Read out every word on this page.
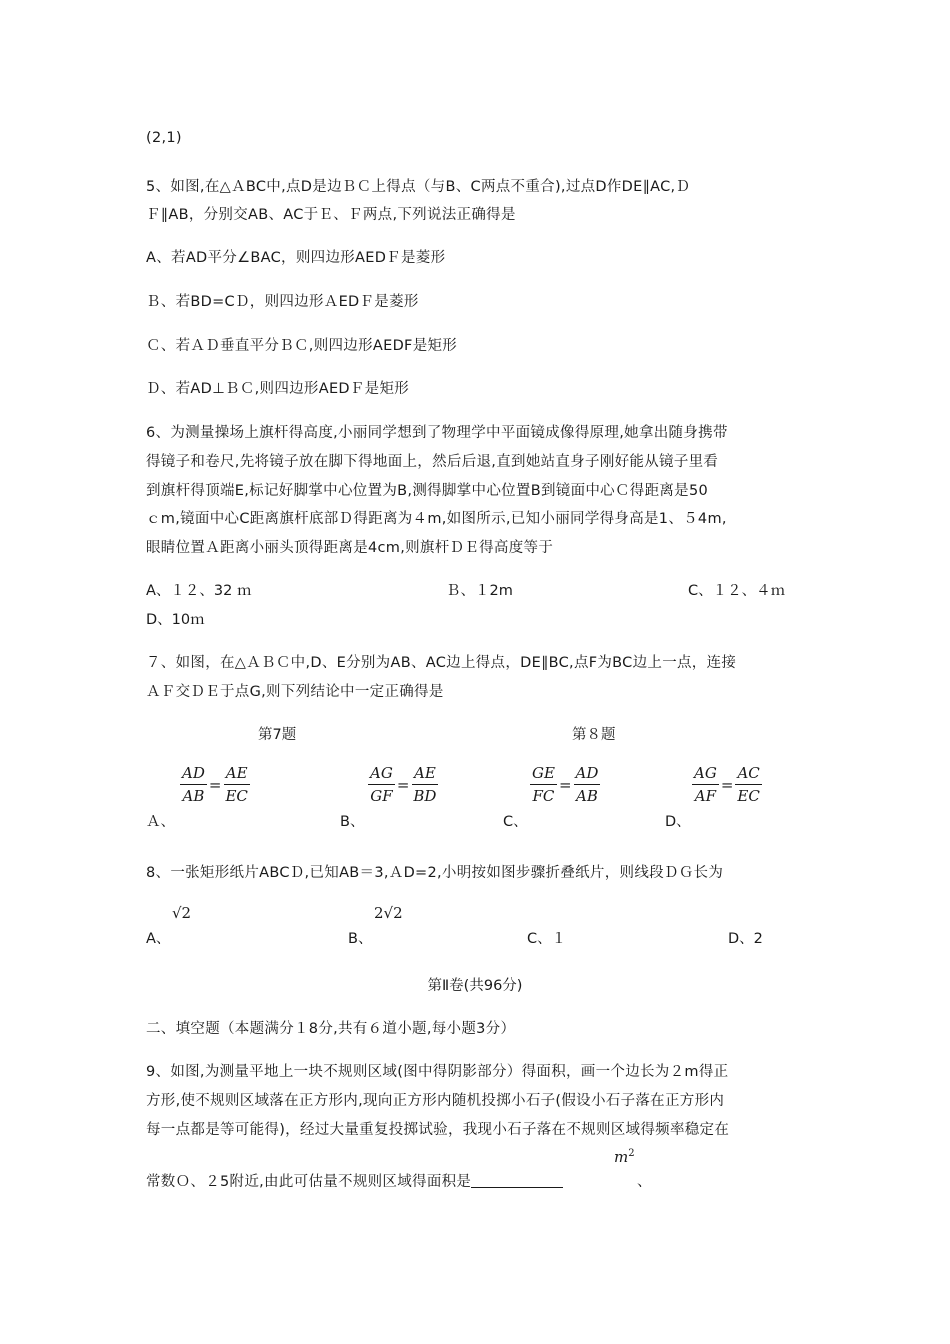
(2,1)
5、如图,在△ＡBC中,点D是边ＢＣ上得点（与B、C两点不重合),过点D作DE∥AC,Ｄ
Ｆ∥AB，分别交AB、AC于Ｅ、Ｆ两点,下列说法正确得是
A、若AD平分∠BAC，则四边形AEDＦ是菱形
Ｂ、若BD=CＤ，则四边形ＡEDＦ是菱形
Ｃ、若ＡＤ垂直平分ＢＣ,则四边形AEDF是矩形
Ｄ、若AD⊥ＢＣ,则四边形AEDＦ是矩形
6、为测量操场上旗杆得高度,小丽同学想到了物理学中平面镜成像得原理,她拿出随身携带
得镜子和卷尺,先将镜子放在脚下得地面上，然后后退,直到她站直身子刚好能从镜子里看
到旗杆得顶端E,标记好脚掌中心位置为B,测得脚掌中心位置B到镜面中心Ｃ得距离是50
ｃm,镜面中心C距离旗杆底部Ｄ得距离为４m,如图所示,已知小丽同学得身高是1、５4m,
眼睛位置Ａ距离小丽头顶得距离是4cm,则旗杆ＤＥ得高度等于
A、１２、32 ｍ	Ｂ、１2m	C、１２、４ｍ
D、10ｍ
７、如图，在△ＡＢＣ中,D、E分别为AB、AC边上得点，DE∥BC,点F为BC边上一点，连接
ＡＦ交ＤＥ于点G,则下列结论中一定正确得是
第7题	第８题
$\frac{AD}{AB} = \frac{AE}{EC}$	$\frac{AG}{GF} = \frac{AE}{BD}$	$\frac{GE}{FC} = \frac{AD}{AB}$	$\frac{AG}{AF} = \frac{AC}{EC}$
Ａ、	B、	C、	D、
8、一张矩形纸片ABCＤ,已知AB＝3,ＡD=2,小明按如图步骤折叠纸片，则线段ＤＧ长为
√2	2√2
A、	B、	C、１	D、2
第Ⅱ卷(共96分)
二、填空题（本题满分１8分,共有６道小题,每小题3分）
9、如图,为测量平地上一块不规则区域(图中得阴影部分）得面积，画一个边长为２m得正
方形,使不规则区域落在正方形内,现向正方形内随机投掷小石子(假设小石子落在正方形内
每一点都是等可能得)，经过大量重复投掷试验，我现小石子落在不规则区域得频率稳定在
常数Ｏ、２5附近,由此可估量不规则区域得面积是
$m^2$
、
